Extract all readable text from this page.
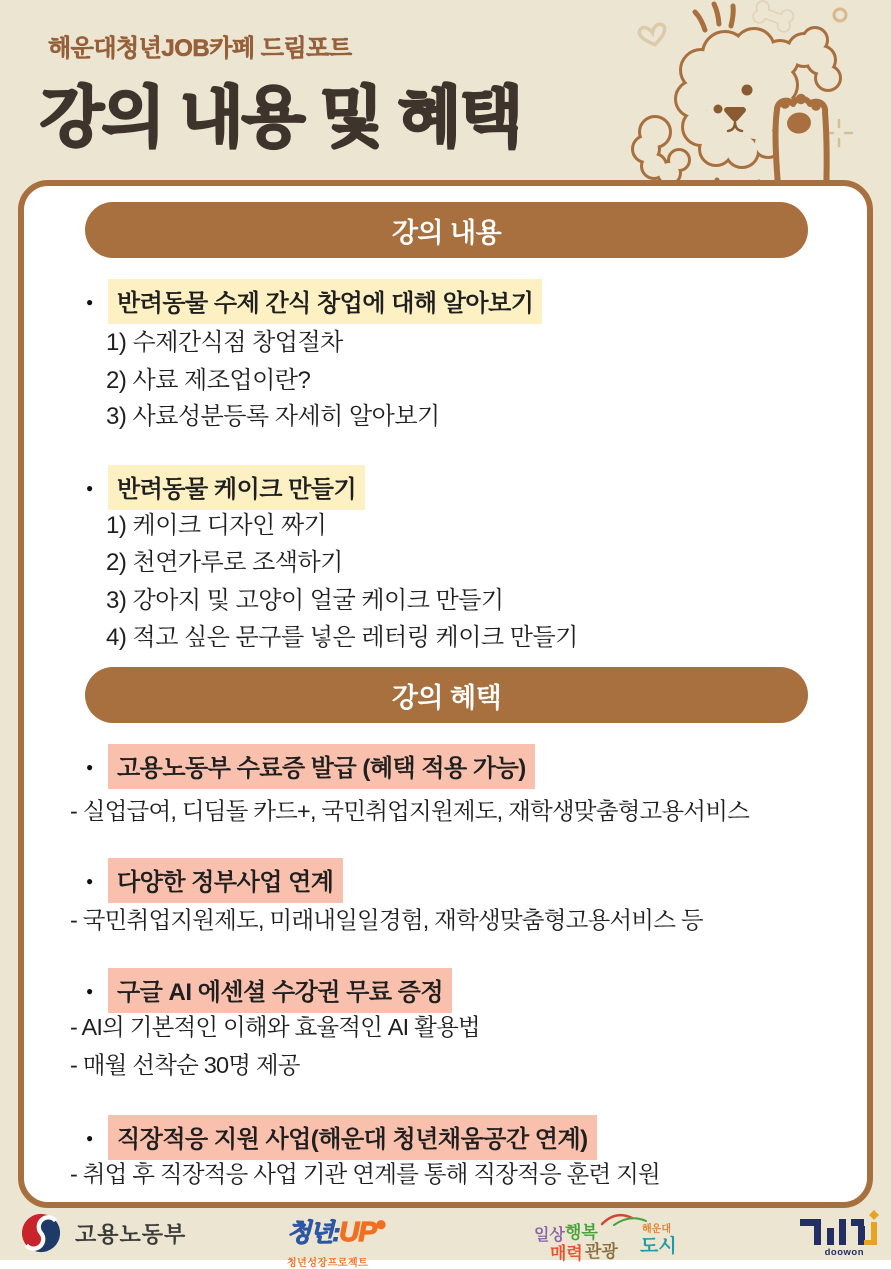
해운대청년JOB카페 드림포트
강의 내용 및 혜택
강의 내용
● 반려동물 수제 간식 창업에 대해 알아보기
1) 수제간식점 창업절차
2) 사료 제조업이란?
3) 사료성분등록 자세히 알아보기
● 반려동물 케이크 만들기
1) 케이크 디자인 짜기
2) 천연가루로 조색하기
3) 강아지 및 고양이 얼굴 케이크 만들기
4) 적고 싶은 문구를 넣은 레터링 케이크 만들기
강의 혜택
● 고용노동부 수료증 발급 (혜택 적용 가능)
- 실업급여, 디딤돌 카드+, 국민취업지원제도, 재학생맞춤형고용서비스
● 다양한 정부사업 연계
- 국민취업지원제도, 미래내일일경험, 재학생맞춤형고용서비스 등
● 구글 AI 에센셜 수강권 무료 증정
- AI의 기본적인 이해와 효율적인 AI 활용법
- 매월 선착순 30명 제공
● 직장적응 지원 사업(해운대 청년채움공간 연계)
- 취업 후 직장적응 사업 기관 연계를 통해 직장적응 훈련 지원
고용노동부	청년:UP⬤
청년성장프로젝트
일상 행복
매력 관광
해운대
도시	doowon
